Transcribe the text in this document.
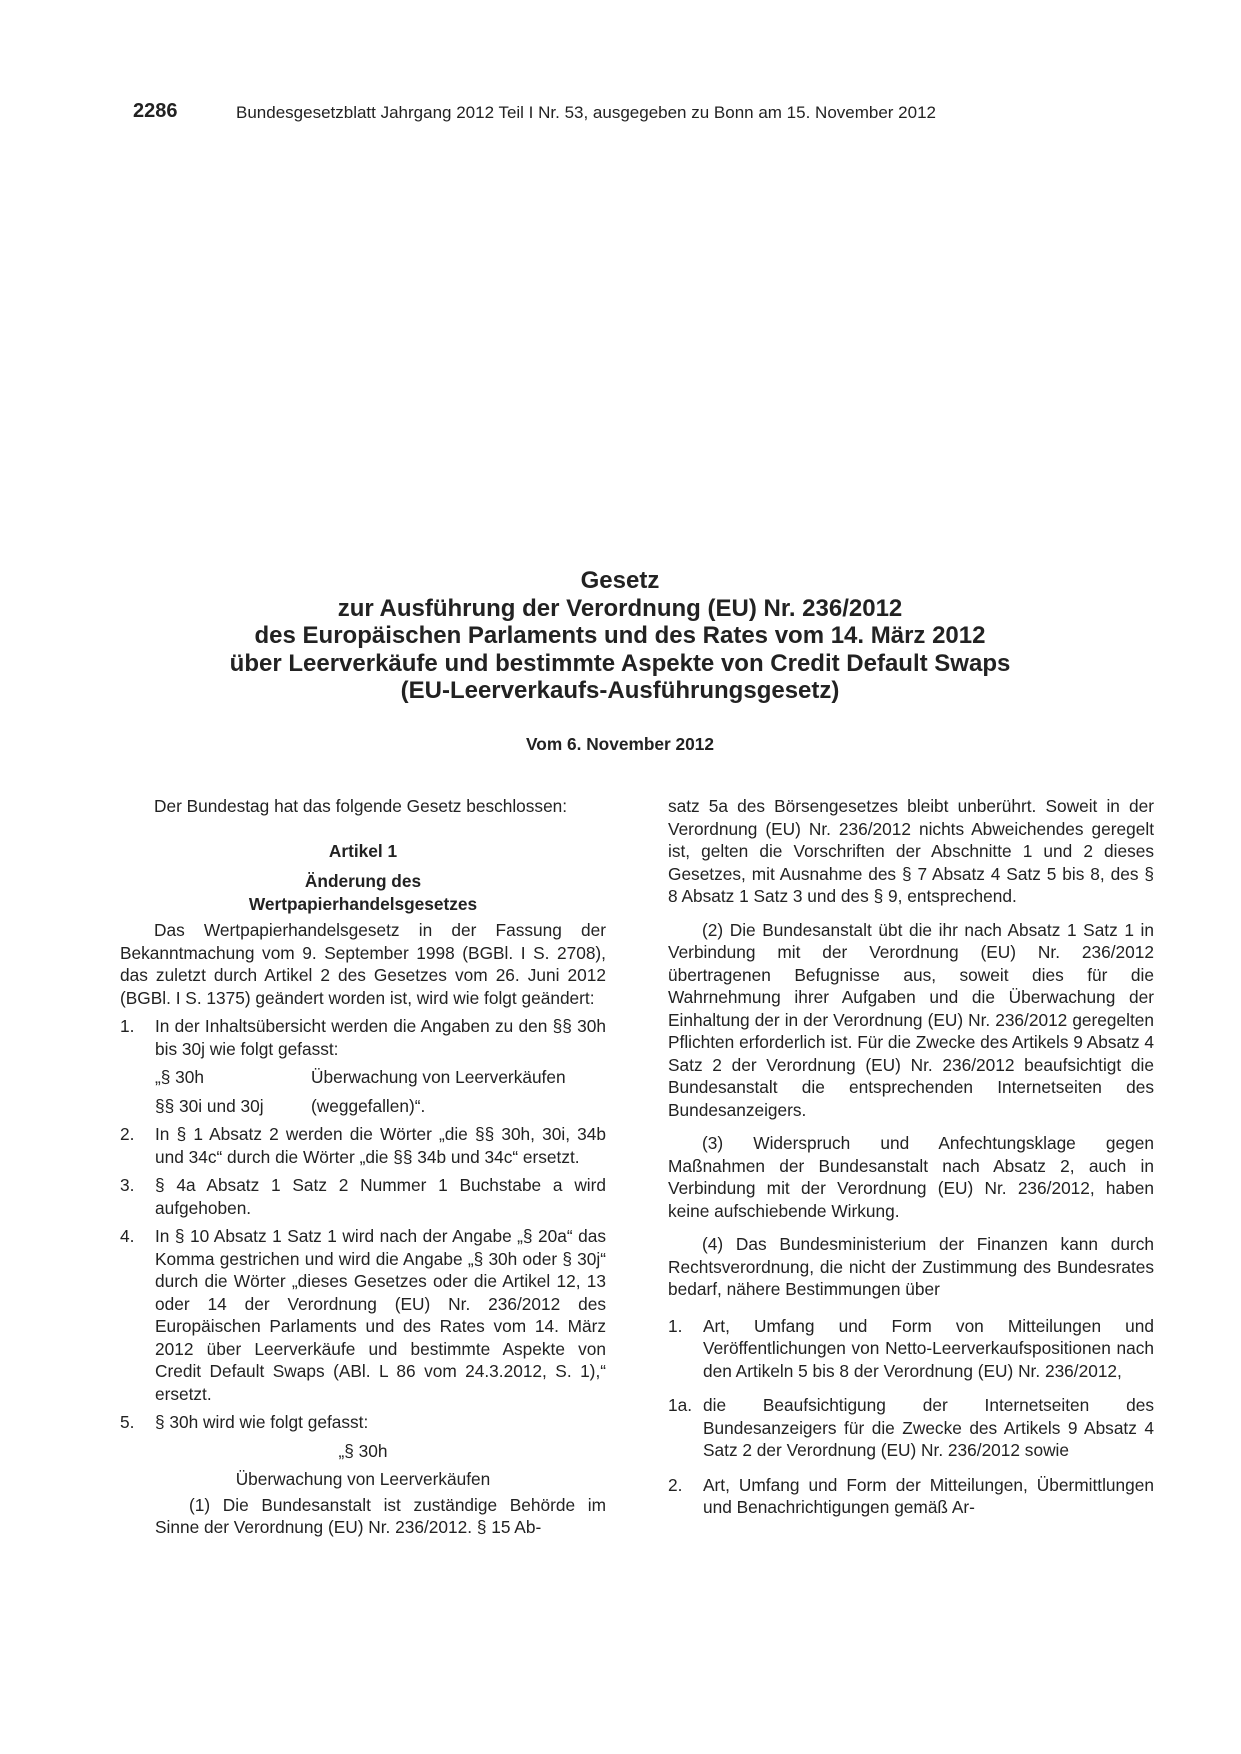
2286	Bundesgesetzblatt Jahrgang 2012 Teil I Nr. 53, ausgegeben zu Bonn am 15. November 2012
Gesetz
zur Ausführung der Verordnung (EU) Nr. 236/2012
des Europäischen Parlaments und des Rates vom 14. März 2012
über Leerverkäufe und bestimmte Aspekte von Credit Default Swaps
(EU-Leerverkaufs-Ausführungsgesetz)
Vom 6. November 2012

Der Bundestag hat das folgende Gesetz beschlossen:

Artikel 1

Änderung des

Wertpapierhandelsgesetzes

Das Wertpapierhandelsgesetz in der Fassung der Bekanntmachung vom 9. September 1998 (BGBl. I S. 2708), das zuletzt durch Artikel 2 des Gesetzes vom 26. Juni 2012 (BGBl. I S. 1375) geändert worden ist, wird wie folgt geändert:

1.	In der Inhaltsübersicht werden die Angaben zu den §§ 30h bis 30j wie folgt gefasst:
„§ 30h	Überwachung von Leerverkäufen
§§ 30i und 30j	(weggefallen)“.
2.	In § 1 Absatz 2 werden die Wörter „die §§ 30h, 30i, 34b und 34c“ durch die Wörter „die §§ 34b und 34c“ ersetzt.
3.	§ 4a Absatz 1 Satz 2 Nummer 1 Buchstabe a wird aufgehoben.
4.	In § 10 Absatz 1 Satz 1 wird nach der Angabe „§ 20a“ das Komma gestrichen und wird die Angabe „§ 30h oder § 30j“ durch die Wörter „dieses Gesetzes oder die Artikel 12, 13 oder 14 der Verordnung (EU) Nr. 236/2012 des Europäischen Parlaments und des Rates vom 14. März 2012 über Leerverkäufe und bestimmte Aspekte von Credit Default Swaps (ABl. L 86 vom 24.3.2012, S. 1),“ ersetzt.
5.	§ 30h wird wie folgt gefasst:

„§ 30h

Überwachung von Leerverkäufen

(1) Die Bundesanstalt ist zuständige Behörde im Sinne der Verordnung (EU) Nr. 236/2012. § 15 Ab-

satz 5a des Börsengesetzes bleibt unberührt. Soweit in der Verordnung (EU) Nr. 236/2012 nichts Abweichendes geregelt ist, gelten die Vorschriften der Abschnitte 1 und 2 dieses Gesetzes, mit Ausnahme des § 7 Absatz 4 Satz 5 bis 8, des § 8 Absatz 1 Satz 3 und des § 9, entsprechend.

(2) Die Bundesanstalt übt die ihr nach Absatz 1 Satz 1 in Verbindung mit der Verordnung (EU) Nr. 236/2012 übertragenen Befugnisse aus, soweit dies für die Wahrnehmung ihrer Aufgaben und die Überwachung der Einhaltung der in der Verordnung (EU) Nr. 236/2012 geregelten Pflichten erforderlich ist. Für die Zwecke des Artikels 9 Absatz 4 Satz 2 der Verordnung (EU) Nr. 236/2012 beaufsichtigt die Bundesanstalt die entsprechenden Internetseiten des Bundesanzeigers.

(3) Widerspruch und Anfechtungsklage gegen Maßnahmen der Bundesanstalt nach Absatz 2, auch in Verbindung mit der Verordnung (EU) Nr. 236/2012, haben keine aufschiebende Wirkung.

(4) Das Bundesministerium der Finanzen kann durch Rechtsverordnung, die nicht der Zustimmung des Bundesrates bedarf, nähere Bestimmungen über

1.	Art, Umfang und Form von Mitteilungen und Veröffentlichungen von Netto-Leerverkaufspositionen nach den Artikeln 5 bis 8 der Verordnung (EU) Nr. 236/2012,
1a. die Beaufsichtigung der Internetseiten des Bundesanzeigers für die Zwecke des Artikels 9 Absatz 4 Satz 2 der Verordnung (EU) Nr. 236/2012 sowie
2.	Art, Umfang und Form der Mitteilungen, Übermittlungen und Benachrichtigungen gemäß Ar-
